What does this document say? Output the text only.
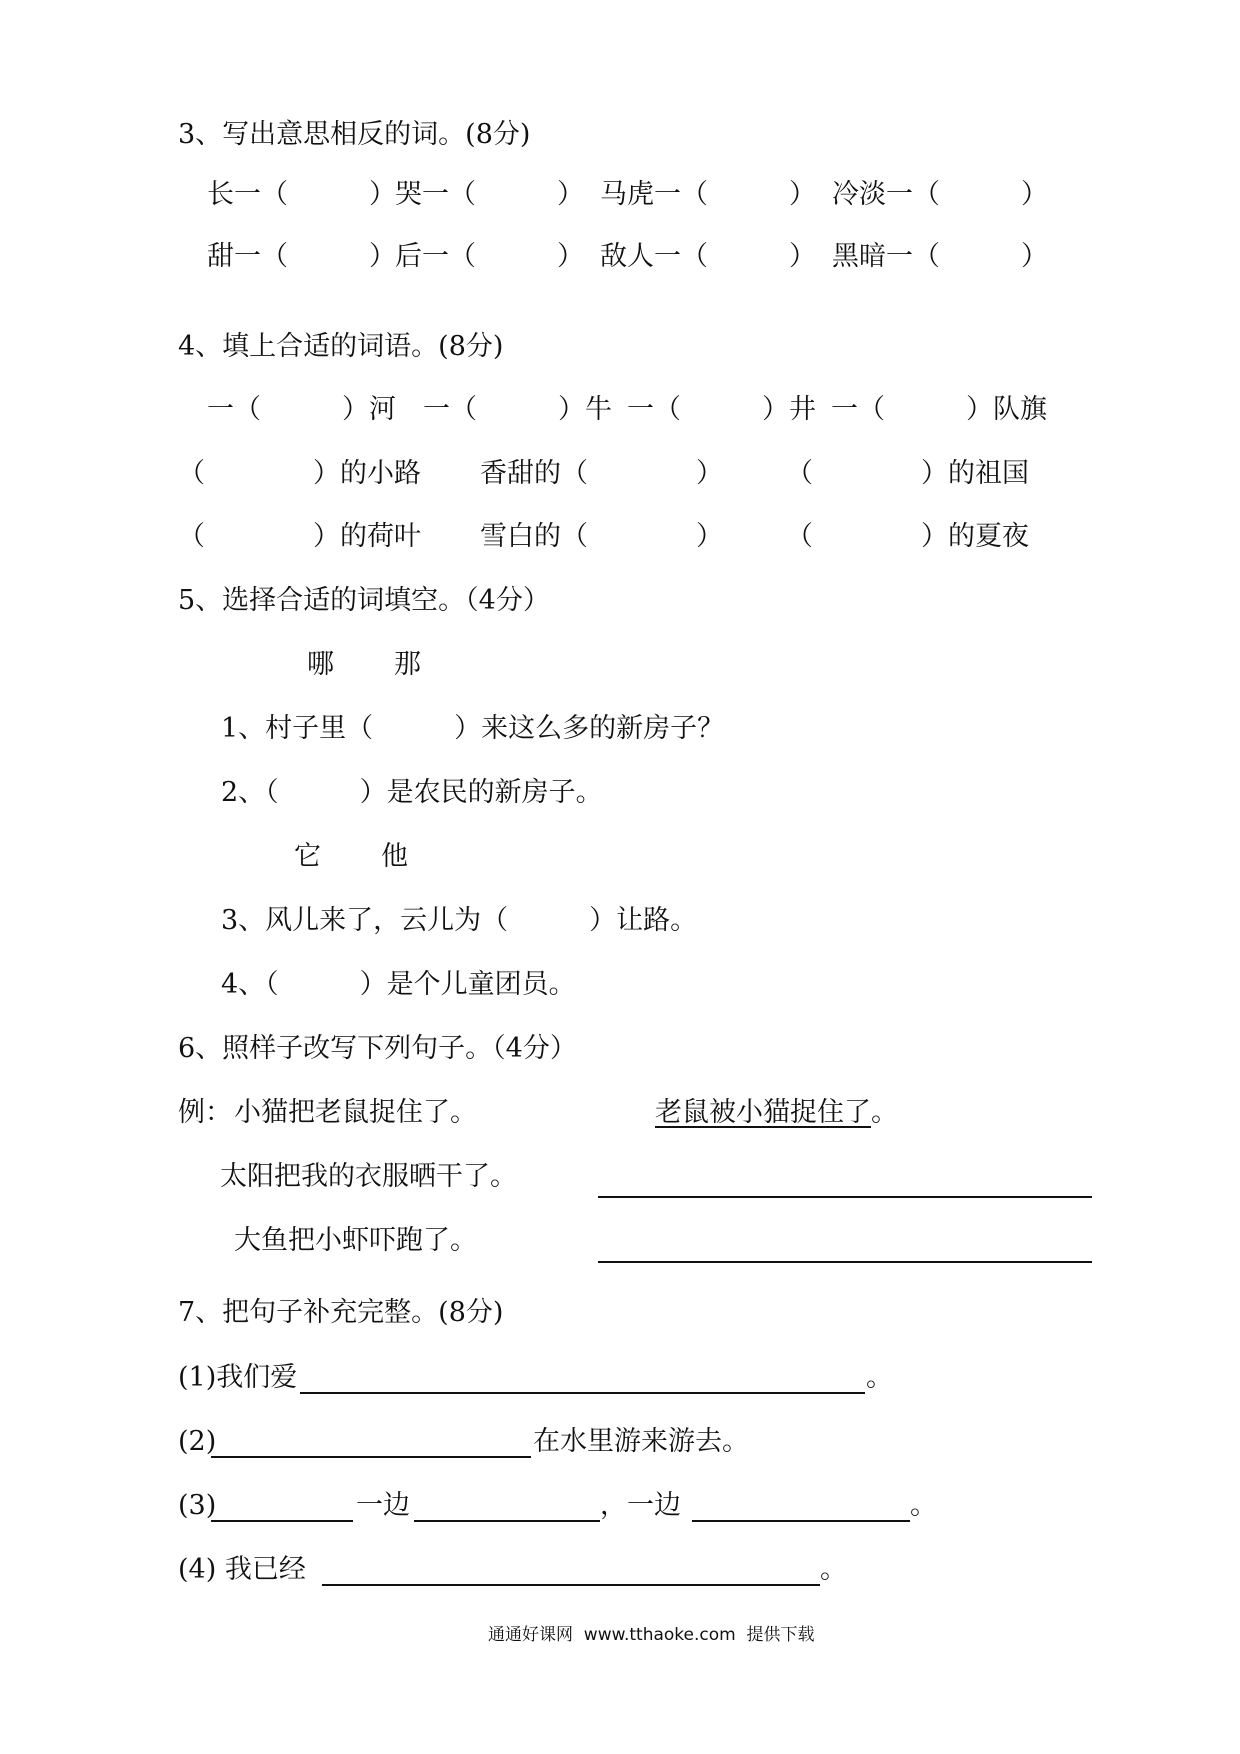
3、写出意思相反的词。(8分)
长一（　　　） 哭一（　　　） 马虎一（　　　） 冷淡一（　　　）
甜一（　　　） 后一（　　　） 敌人一（　　　） 黑暗一（　　　）
4、填上合适的词语。(8分)
一（　　　）河 一（　　　）牛 一（　　　）井 一（　　　）队旗
（　　　　）的小路 香甜的（　　　　） （　　　　）的祖国
（　　　　）的荷叶 雪白的（　　　　） （　　　　）的夏夜
5、选择合适的词填空。（4分）
哪 那
1、村子里（　　　）来这么多的新房子？
2、（　　　）是农民的新房子。
它 他
3、风儿来了，云儿为（　　　）让路。
4、（　　　）是个儿童团员。
6、照样子改写下列句子。（4分）
例： 小猫把老鼠捉住了。	老鼠被小猫捉住了。
太阳把我的衣服晒干了。
大鱼把小虾吓跑了。
7、把句子补充完整。(8分)
(1)我们爱	。
(2)	在水里游来游去。
(3)	一边	，一边	。
(4) 我已经	。
通通好课网  www.tthaoke.com  提供下载
